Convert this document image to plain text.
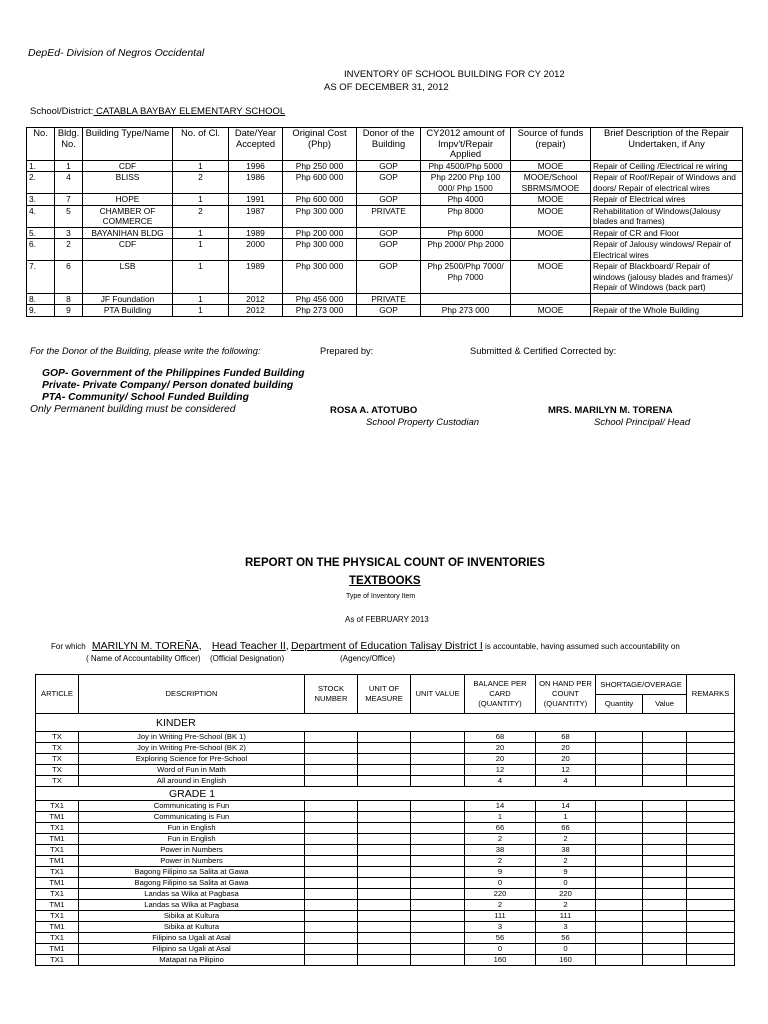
DepEd- Division of Negros Occidental
INVENTORY 0F SCHOOL BUILDING FOR CY 2012
AS OF DECEMBER 31, 2012
School/District: CATABLA BAYBAY ELEMENTARY SCHOOL
No.	Bldg. No.	Building Type/Name	No. of Cl.	Date/Year Accepted	Original Cost (Php)	Donor of the Building	CY2012 amount of Impv't/Repair Applied	Source of funds (repair)	Brief Description of the Repair Undertaken, if Any
1.	1	CDF	1	1996	Php 250 000	GOP	Php 4500/Php 5000	MOOE	Repair of Ceiling /Electrical re wiring
2.	4	BLISS	2	1986	Php 600 000	GOP	Php 2200 Php 100 000/ Php 1500	MOOE/School SBRMS/MOOE	Repair of Roof/Repair of Windows and doors/ Repair of electrical wires
3.	7	HOPE	1	1991	Php 600 000	GOP	Php 4000	MOOE	Repair of Electrical wires
4.	5	CHAMBER OF COMMERCE	2	1987	Php 300 000	PRIVATE	Php 8000	MOOE	Rehabilitation of Windows(Jalousy blades and frames)
5.	3	BAYANIHAN BLDG	1	1989	Php 200 000	GOP	Php 6000	MOOE	Repair of CR and Floor
6.	2	CDF	1	2000	Php 300 000	GOP	Php 2000/ Php 2000		Repair of Jalousy windows/ Repair of Electrical wires
7.	6	LSB	1	1989	Php 300 000	GOP	Php 2500/Php 7000/ Php 7000	MOOE	Repair of Blackboard/ Repair of windows (jalousy blades and frames)/ Repair of Windows (back part)
8.	8	JF Foundation	1	2012	Php 456 000	PRIVATE			
9.	9	PTA Building	1	2012	Php 273 000	GOP	Php 273 000	MOOE	Repair of the Whole Building
For the Donor of the Building, please write the following:	Prepared by:	Submitted & Certified Corrected by:
GOP- Government of the Philippines Funded Building
Private- Private Company/ Person donated building
PTA- Community/ School Funded Building
Only Permanent building must be considered	ROSA A. ATOTUBO
School Property Custodian
MRS. MARILYN M. TORENA
School Principal/ Head
REPORT ON THE PHYSICAL COUNT OF INVENTORIES
TEXTBOOKS
Type of Inventory Item
As of FEBRUARY 2013
For which MARILYN M. TOREÑA, Head Teacher II, Department of Education Talisay District I is accountable, having assumed such accountability on
( Name of Accountability Officer) (Official Designation)	(Agency/Office)
ARTICLE	DESCRIPTION	STOCK NUMBER	UNIT OF MEASURE	UNIT VALUE	BALANCE PER CARD (QUANTITY)	ON HAND PER COUNT (QUANTITY)	SHORTAGE/OVERAGE		REMARKS
							Quantity	Value	
KINDER									
TX	Joy in Writing Pre-School (BK 1)				68	68			
TX	Joy in Writing Pre-School (BK 2)				20	20			
TX	Exploring Science for Pre-School				20	20			
TX	Word of Fun in Math				12	12			
TX	All around in English				4	4			
GRADE 1									
TX1	Communicating is Fun				14	14			
TM1	Communicating is Fun				1	1			
TX1	Fun in English				66	66			
TM1	Fun in English				2	2			
TX1	Power in Numbers				38	38			
TM1	Power in Numbers				2	2			
TX1	Bagong Filipino sa Salita at Gawa				9	9			
TM1	Bagong Filipino sa Salita at Gawa				0	0			
TX1	Landas sa Wika at Pagbasa				220	220			
TM1	Landas sa Wika at Pagbasa				2	2			
TX1	Sibika at Kultura				111	111			
TM1	Sibika at Kultura				3	3			
TX1	Filipino sa Ugali at Asal				56	56			
TM1	Filipino sa Ugali at Asal				0	0			
TX1	Matapat na Pilipino				160	160			
